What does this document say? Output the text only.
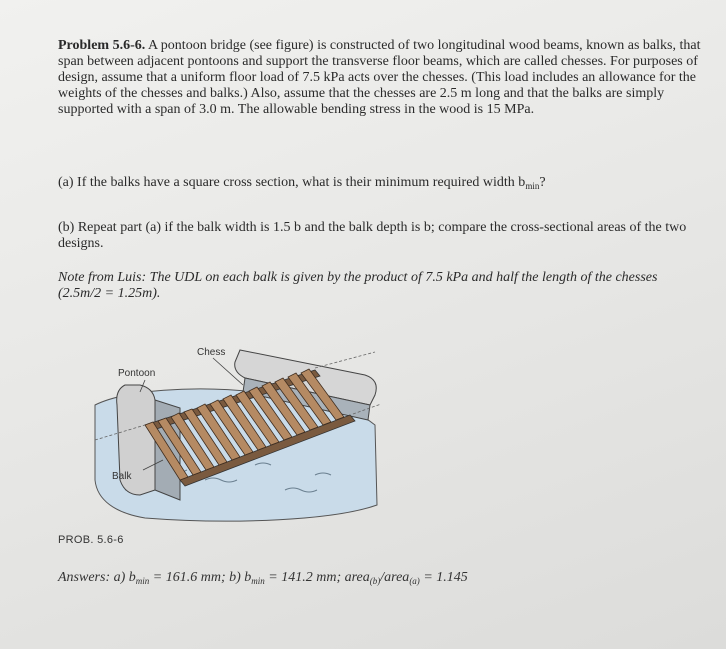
Problem 5.6-6. A pontoon bridge (see figure) is constructed of two longitudinal wood beams, known as balks, that span between adjacent pontoons and support the transverse floor beams, which are called chesses. For purposes of design, assume that a uniform floor load of 7.5 kPa acts over the chesses. (This load includes an allowance for the weights of the chesses and balks.) Also, assume that the chesses are 2.5 m long and that the balks are simply supported with a span of 3.0 m. The allowable bending stress in the wood is 15 MPa.
(a) If the balks have a square cross section, what is their minimum required width $b_{min}$?
(b) Repeat part (a) if the balk width is 1.5 b and the balk depth is b; compare the cross-sectional areas of the two designs.
Note from Luis: The UDL on each balk is given by the product of 7.5 kPa and half the length of the chesses (2.5m/2 = 1.25m).
Chess
Pontoon
Balk
PROB. 5.6-6
Answers: a) $b_{min} = 161.6$ mm; b) $b_{min} = 141.2$ mm; area$_{(b)}$/area$_{(a)}$ = 1.145
